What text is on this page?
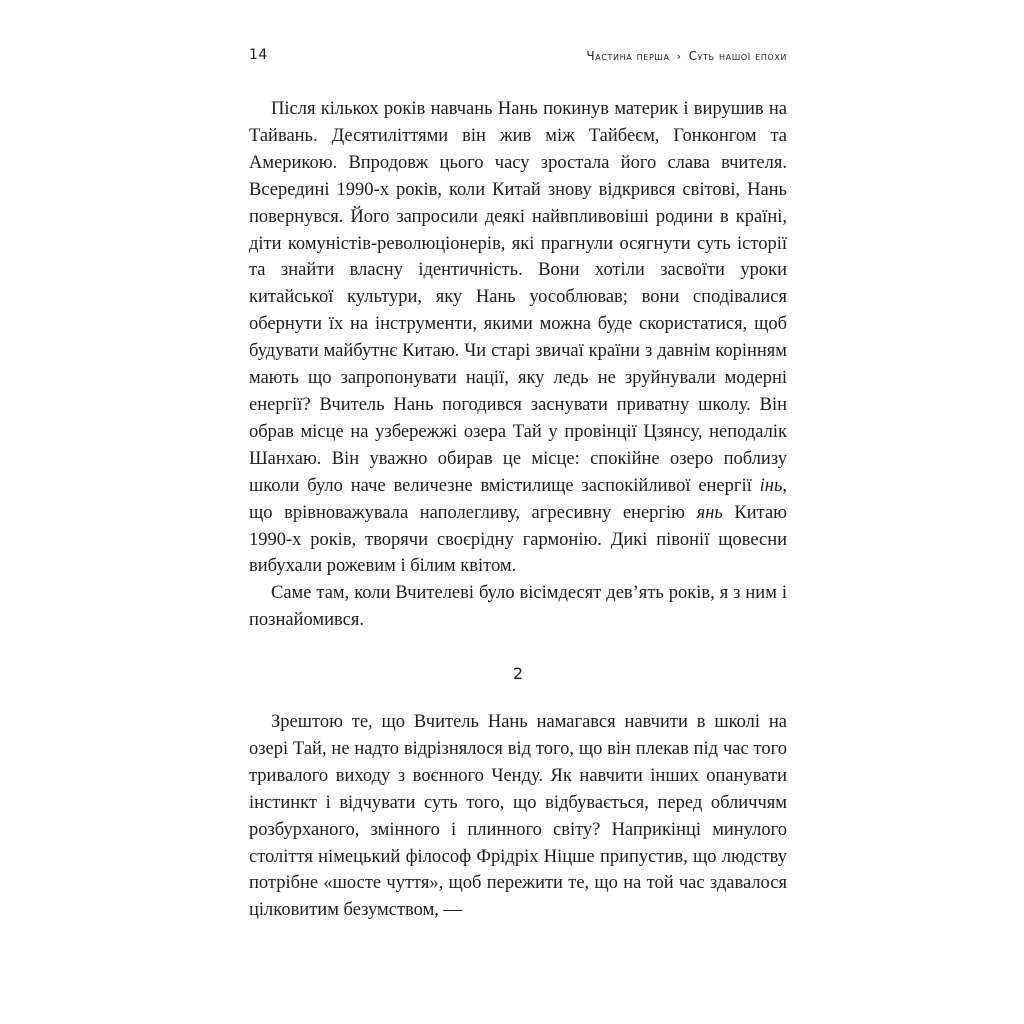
14	Частина перша › Суть нашої епохи

Після кількох років навчань Нань покинув материк і вирушив на Тайвань. Десятиліттями він жив між Тайбеєм, Гонконгом та Америкою. Впродовж цього часу зростала його слава вчителя. Всередині 1990-х років, коли Китай знову відкрився світові, Нань повернувся. Його запросили деякі найвпливовіші родини в країні, діти комуністів-революціонерів, які прагнули осягнути суть історії та знайти власну ідентичність. Вони хотіли засвоїти уроки китайської культури, яку Нань уособлював; вони сподівалися обернути їх на інструменти, якими можна буде скористатися, щоб будувати майбутнє Китаю. Чи старі звичаї країни з давнім корінням мають що запропонувати нації, яку ледь не зруйнували модерні енергії? Вчитель Нань погодився заснувати приватну школу. Він обрав місце на узбережжі озера Тай у провінції Цзянсу, неподалік Шанхаю. Він уважно обирав це місце: спокійне озеро поблизу школи було наче величезне вмістилище заспокійливої енергії інь, що врівноважувала наполегливу, агресивну енергію янь Китаю 1990-х років, творячи своєрідну гармонію. Дикі півонії щовесни вибухали рожевим і білим квітом.

Саме там, коли Вчителеві було вісімдесят дев’ять років, я з ним і познайомився.

2

Зрештою те, що Вчитель Нань намагався навчити в школі на озері Тай, не надто відрізнялося від того, що він плекав під час того тривалого виходу з воєнного Ченду. Як навчити інших опанувати інстинкт і відчувати суть того, що відбувається, перед обличчям розбурханого, змінного і плинного світу? Наприкінці минулого століття німецький філософ Фрідріх Ніцше припустив, що людству потрібне «шосте чуття», щоб пережити те, що на той час здавалося цілковитим безумством, —
